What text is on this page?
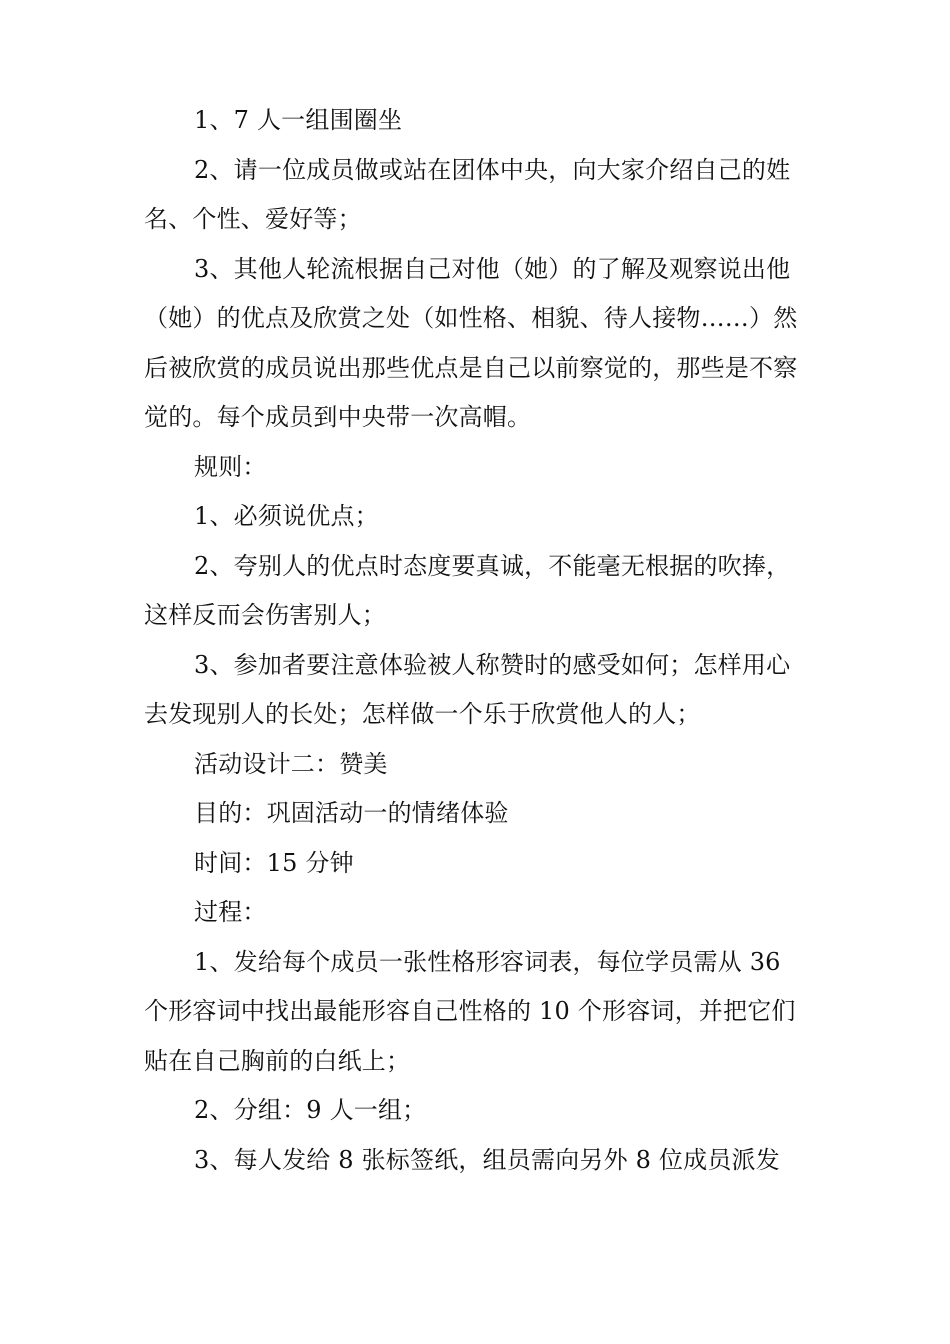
1、7 人一组围圈坐

2、请一位成员做或站在团体中央，向大家介绍自己的姓名、个性、爱好等；

3、其他人轮流根据自己对他（她）的了解及观察说出他（她）的优点及欣赏之处（如性格、相貌、待人接物……）然后被欣赏的成员说出那些优点是自己以前察觉的，那些是不察觉的。每个成员到中央带一次高帽。

规则：

1、必须说优点；

2、夸别人的优点时态度要真诚，不能毫无根据的吹捧，这样反而会伤害别人；

3、参加者要注意体验被人称赞时的感受如何；怎样用心去发现别人的长处；怎样做一个乐于欣赏他人的人；

活动设计二：赞美

目的：巩固活动一的情绪体验

时间：15 分钟

过程：

1、发给每个成员一张性格形容词表，每位学员需从 36 个形容词中找出最能形容自己性格的 10 个形容词，并把它们贴在自己胸前的白纸上；

2、分组：9 人一组；

3、每人发给 8 张标签纸，组员需向另外 8 位成员派发
